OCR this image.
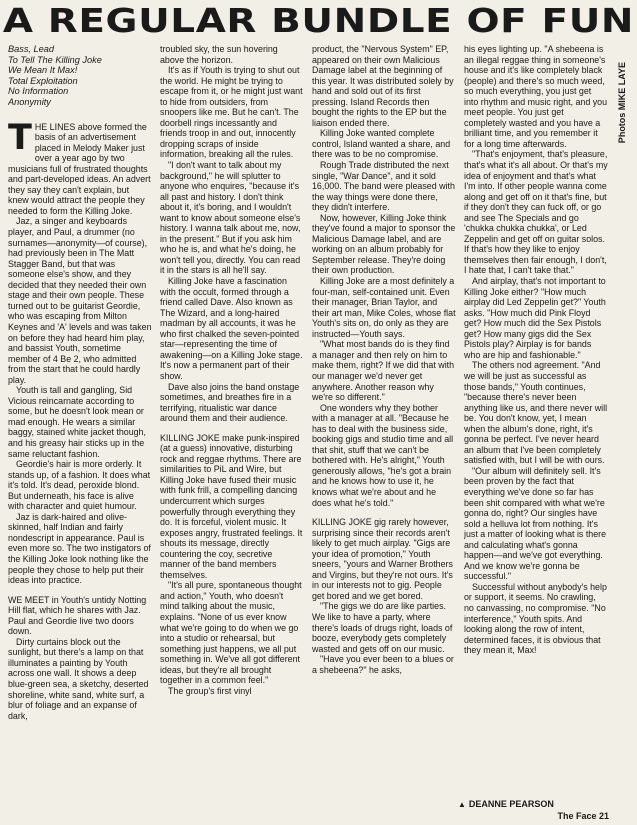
A REGULAR BUNDLE OF FUN
Photos MIKE LAYE
Bass, Lead
To Tell The Killing Joke
We Mean It Max!
Total Exploitation
No Information
Anonymity

THE LINES above formed the basis of an advertisement placed in Melody Maker just over a year ago by two musicians full of frustrated thoughts and part-developed ideas. An advert they say they can't explain, but knew would attract the people they needed to form the Killing Joke.

Jaz, a singer and keyboards player, and Paul, a drummer (no surnames—anonymity—of course), had previously been in The Matt Stagger Band, but that was someone else's show, and they decided that they needed their own stage and their own people. These turned out to be guitarist Geordie, who was escaping from Milton Keynes and 'A' levels and was taken on before they had heard him play, and bassist Youth, sometime member of 4 Be 2, who admitted from the start that he could hardly play.

Youth is tall and gangling, Sid Vicious reincarnate according to some, but he doesn't look mean or mad enough. He wears a similar baggy, stained white jacket though, and his greasy hair sticks up in the same reluctant fashion.

Geordie's hair is more orderly. It stands up, of a fashion. It does what it's told. It's dead, peroxide blond. But underneath, his face is alive with character and quiet humour.

Jaz is dark-haired and olive-skinned, half Indian and fairly nondescript in appearance. Paul is even more so. The two instigators of the Killing Joke look nothing like the people they chose to help put their ideas into practice.

WE MEET in Youth's untidy Notting Hill flat, which he shares with Jaz. Paul and Geordie live two doors down.

Dirty curtains block out the sunlight, but there's a lamp on that illuminates a painting by Youth across one wall. It shows a deep blue-green sea, a sketchy, deserted shoreline, white sand, white surf, a blur of foliage and an expanse of dark,

troubled sky, the sun hovering above the horizon.

It's as if Youth is trying to shut out the world. He might be trying to escape from it, or he might just want to hide from outsiders, from snoopers like me. But he can't. The doorbell rings incessantly and friends troop in and out, innocently dropping scraps of inside information, breaking all the rules.

"I don't want to talk about my background," he will splutter to anyone who enquires, "because it's all past and history. I don't think about it, it's boring, and I wouldn't want to know about someone else's history. I wanna talk about me, now, in the present." But if you ask him who he is, and what he's doing, he won't tell you, directly. You can read it in the stars is all he'll say.

Killing Joke have a fascination with the occult, formed through a friend called Dave. Also known as The Wizard, and a long-haired madman by all accounts, it was he who first chalked the seven-pointed star—representing the time of awakening—on a Killing Joke stage. It's now a permanent part of their show.

Dave also joins the band onstage sometimes, and breathes fire in a terrifying, ritualistic war dance around them and their audience.

KILLING JOKE make punk-inspired (at a guess) innovative, disturbing rock and reggae rhythms. There are similarities to PiL and Wire, but Killing Joke have fused their music with funk frill, a compelling dancing undercurrent which surges powerfully through everything they do. It is forceful, violent music. It exposes angry, frustrated feelings. It shouts its message, directly countering the coy, secretive manner of the band members themselves.

"It's all pure, spontaneous thought and action," Youth, who doesn't mind talking about the music, explains. "None of us ever know what we're going to do when we go into a studio or rehearsal, but something just happens, we all put something in. We've all got different ideas, but they're all brought together in a common feel."

The group's first vinyl

product, the "Nervous System" EP, appeared on their own Malicious Damage label at the beginning of this year. It was distributed solely by hand and sold out of its first pressing. Island Records then bought the rights to the EP but the liaison ended there.

Killing Joke wanted complete control, Island wanted a share, and there was to be no compromise.

Rough Trade distributed the next single, "War Dance", and it sold 16,000. The band were pleased with the way things were done there, they didn't interfere.

Now, however, Killing Joke think they've found a major to sponsor the Malicious Damage label, and are working on an album probably for September release. They're doing their own production.

Killing Joke are a most definitely a four-man, self-contained unit. Even their manager, Brian Taylor, and their art man, Mike Coles, whose flat Youth's sits on, do only as they are instructed—Youth says.

"What most bands do is they find a manager and then rely on him to make them, right? If we did that with our manager we'd never get anywhere. Another reason why we're so different."

One wonders why they bother with a manager at all. "Because he has to deal with the business side, booking gigs and studio time and all that shit, stuff that we can't be bothered with. He's alright," Youth generously allows, "he's got a brain and he knows how to use it, he knows what we're about and he does what he's told."

KILLING JOKE gig rarely however, surprising since their records aren't likely to get much airplay. "Gigs are your idea of promotion," Youth sneers, "yours and Warner Brothers and Virgins, but they're not ours. It's in our interests not to gig. People get bored and we get bored.

"The gigs we do are like parties. We like to have a party, where there's loads of drugs right, loads of booze, everybody gets completely wasted and gets off on our music.

"Have you ever been to a blues or a shebeena?" he asks,

his eyes lighting up. "A shebeena is an illegal reggae thing in someone's house and it's like completely black (people) and there's so much weed, so much everything, you just get into rhythm and music right, and you meet people. You just get completely wasted and you have a brilliant time, and you remember it for a long time afterwards.

"That's enjoyment, that's pleasure, that's what it's all about. Or that's my idea of enjoyment and that's what I'm into. If other people wanna come along and get off on it that's fine, but if they don't they can fuck off, or go and see The Specials and go 'chukka chukka chukka', or Led Zeppelin and get off on guitar solos. If that's how they like to enjoy themselves then fair enough, I don't, I hate that, I can't take that."

And airplay, that's not important to Killing Joke either? "How much airplay did Led Zeppelin get?" Youth asks. "How much did Pink Floyd get? How much did the Sex Pistols get? How many gigs did the Sex Pistols play? Airplay is for bands who are hip and fashionable."

The others nod agreement. "And we will be just as successful as those bands," Youth continues, "because there's never been anything like us, and there never will be. You don't know, yet, I mean when the album's done, right, it's gonna be perfect. I've never heard an album that I've been completely satisfied with, but I will be with ours.

"Our album will definitely sell. It's been proven by the fact that everything we've done so far has been shit compared with what we're gonna do, right? Our singles have sold a helluva lot from nothing. It's just a matter of looking what is there and calculating what's gonna happen—and we've got everything. And we know we're gonna be successful."

Successful without anybody's help or support, it seems. No crawling, no canvassing, no compromise. "No interference," Youth spits. And looking along the row of intent, determined faces, it is obvious that they mean it, Max!

▲ DEANNE PEARSON
The Face 21
